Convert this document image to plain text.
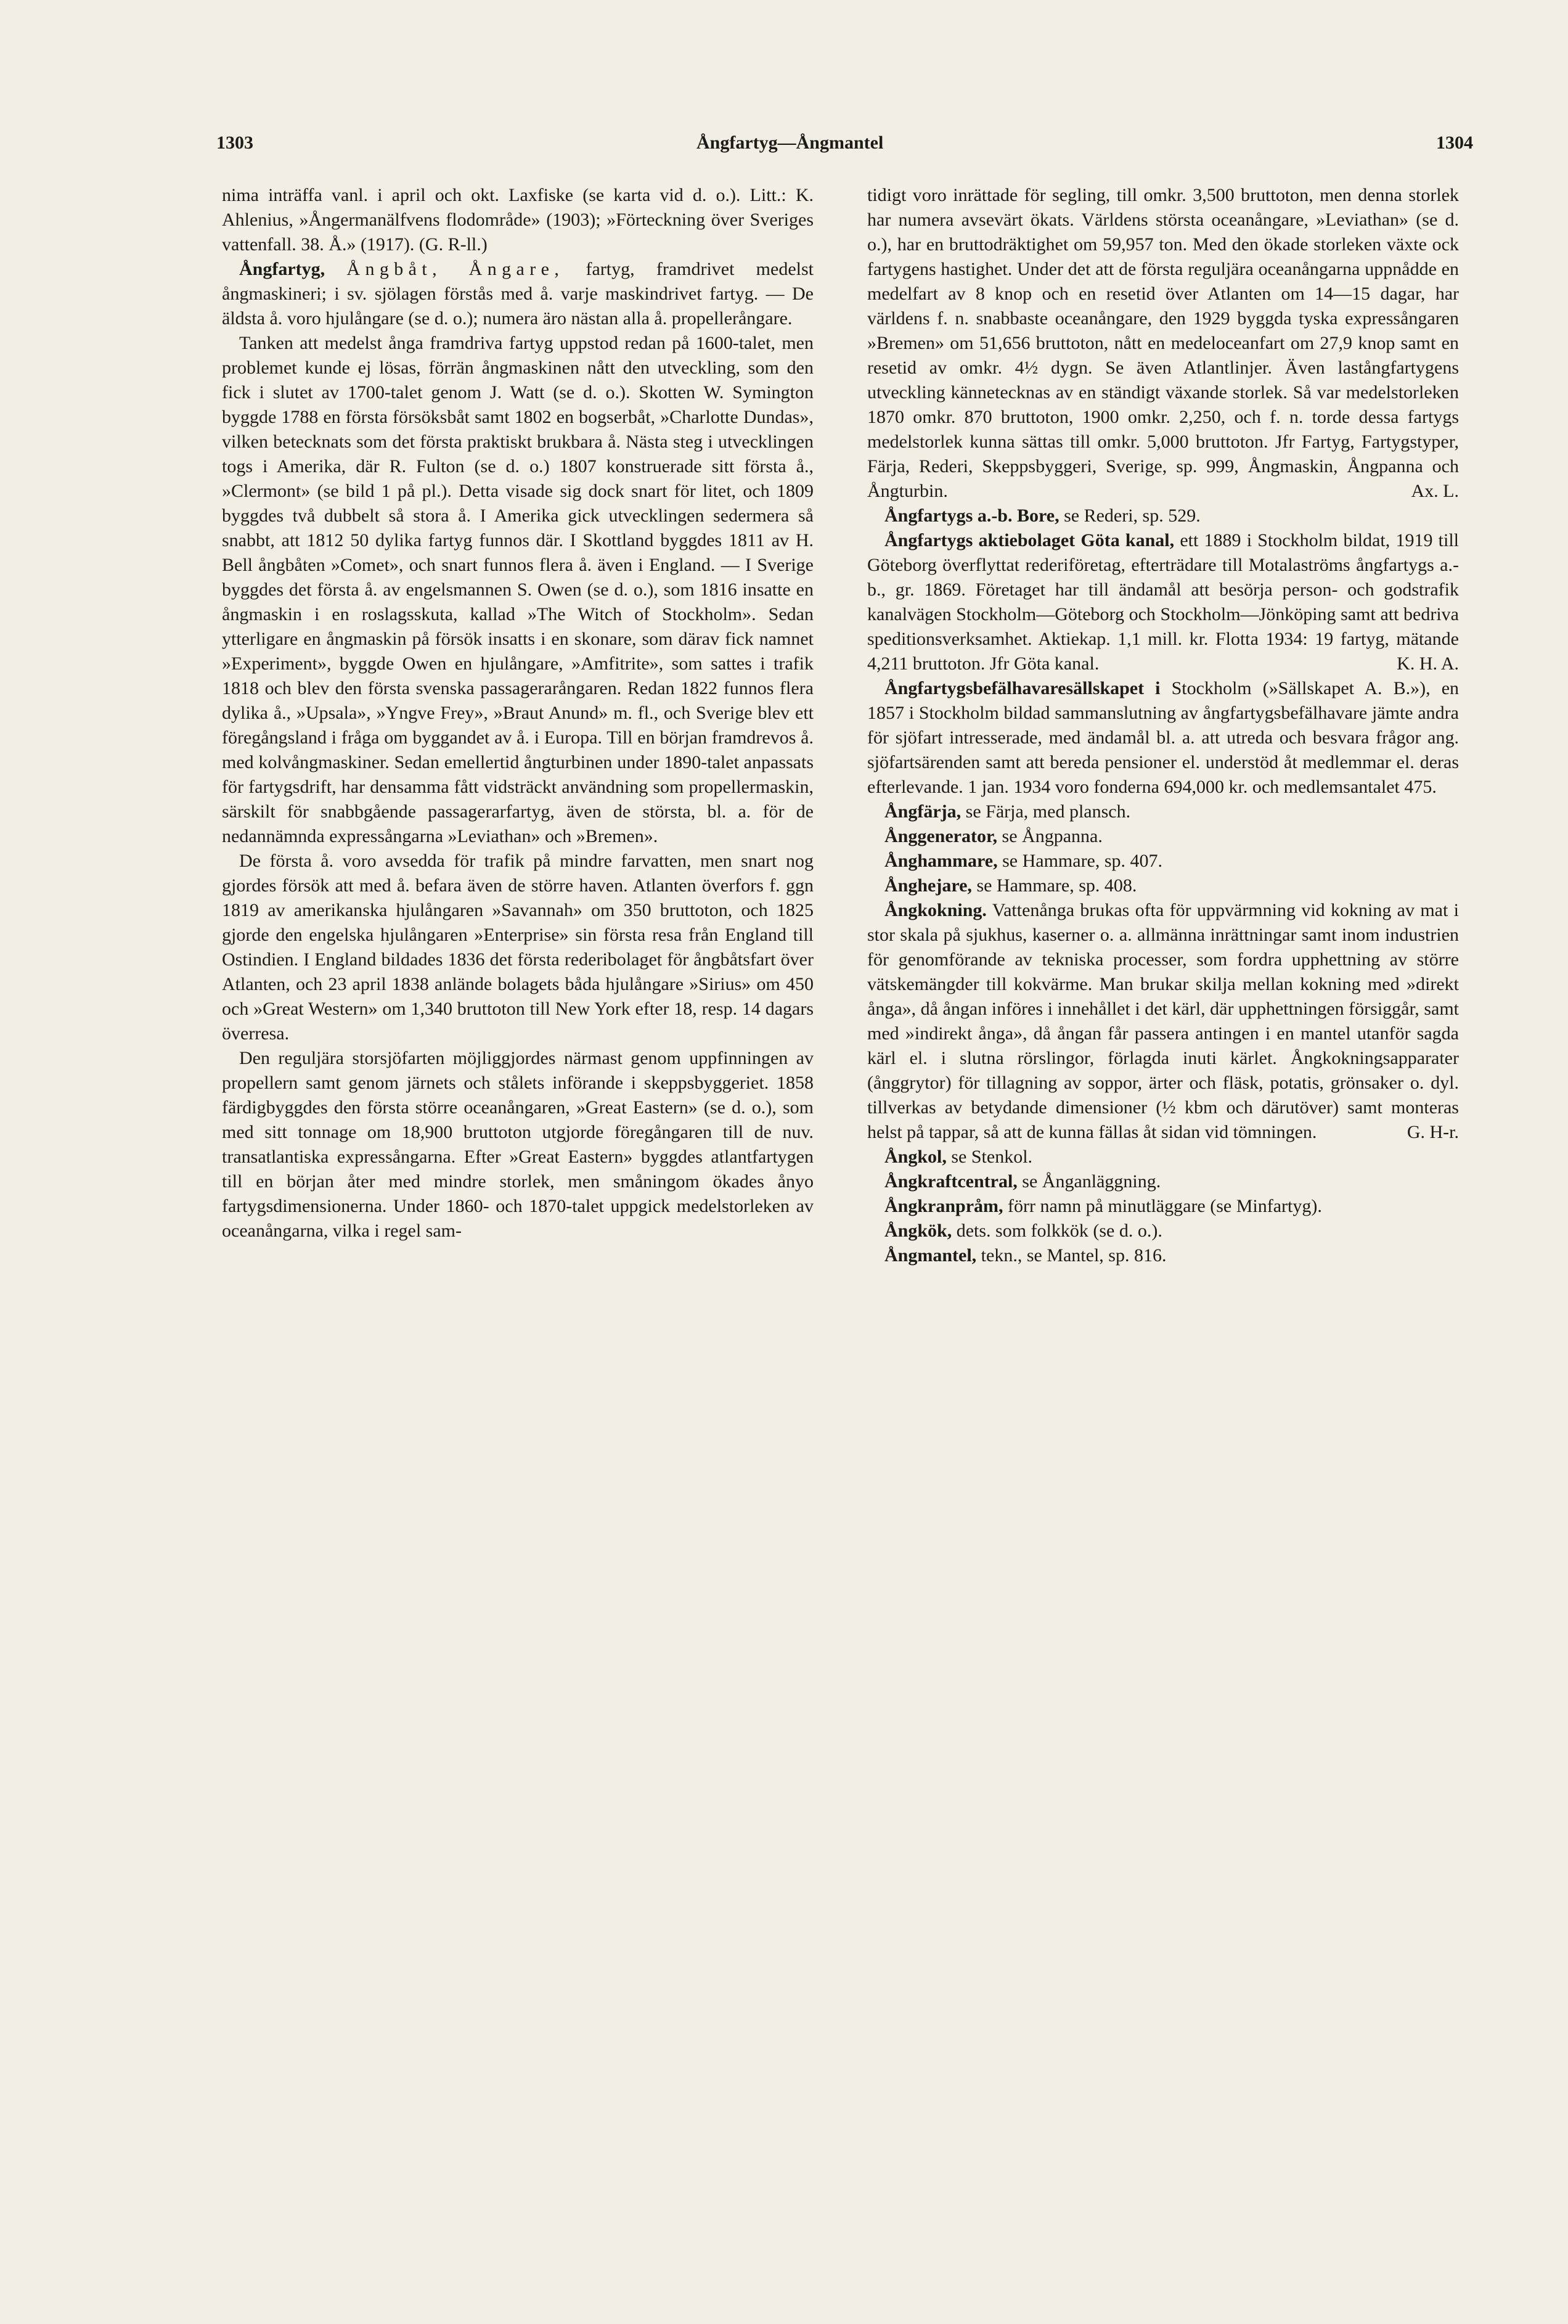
1303	Ångfartyg—Ångmantel	1304
nima inträffa vanl. i april och okt. Laxfiske (se karta vid d. o.). Litt.: K. Ahlenius, »Ångermanälfvens flodområde» (1903); »Förteckning över Sveriges vattenfall. 38. Å.» (1917). (G. R-ll.)
Ångfartyg, Ångbåt, Ångare, fartyg, framdrivet medelst ångmaskineri; i sv. sjölagen förstås med å. varje maskindrivet fartyg. — De äldsta å. voro hjulångare (se d. o.); numera äro nästan alla å. propellerångare.
Tanken att medelst ånga framdriva fartyg uppstod redan på 1600-talet, men problemet kunde ej lösas, förrän ångmaskinen nått den utveckling, som den fick i slutet av 1700-talet genom J. Watt (se d. o.). Skotten W. Symington byggde 1788 en första försöksbåt samt 1802 en bogserbåt, »Charlotte Dundas», vilken betecknats som det första praktiskt brukbara å. Nästa steg i utvecklingen togs i Amerika, där R. Fulton (se d. o.) 1807 konstruerade sitt första å., »Clermont» (se bild 1 på pl.). Detta visade sig dock snart för litet, och 1809 byggdes två dubbelt så stora å. I Amerika gick utvecklingen sedermera så snabbt, att 1812 50 dylika fartyg funnos där. I Skottland byggdes 1811 av H. Bell ångbåten »Comet», och snart funnos flera å. även i England. — I Sverige byggdes det första å. av engelsmannen S. Owen (se d. o.), som 1816 insatte en ångmaskin i en roslagsskuta, kallad »The Witch of Stockholm». Sedan ytterligare en ångmaskin på försök insatts i en skonare, som därav fick namnet »Experiment», byggde Owen en hjulångare, »Amfitrite», som sattes i trafik 1818 och blev den första svenska passagerarångaren. Redan 1822 funnos flera dylika å., »Upsala», »Yngve Frey», »Braut Anund» m. fl., och Sverige blev ett föregångsland i fråga om byggandet av å. i Europa. Till en början framdrevos å. med kolvångmaskiner. Sedan emellertid ångturbinen under 1890-talet anpassats för fartygsdrift, har densamma fått vidsträckt användning som propellermaskin, särskilt för snabbgående passagerarfartyg, även de största, bl. a. för de nedannämnda expressångarna »Leviathan» och »Bremen».
De första å. voro avsedda för trafik på mindre farvatten, men snart nog gjordes försök att med å. befara även de större haven. Atlanten överfors f. ggn 1819 av amerikanska hjulångaren »Savannah» om 350 bruttoton, och 1825 gjorde den engelska hjulångaren »Enterprise» sin första resa från England till Ostindien. I England bildades 1836 det första rederibolaget för ångbåtsfart över Atlanten, och 23 april 1838 anlände bolagets båda hjulångare »Sirius» om 450 och »Great Western» om 1,340 bruttoton till New York efter 18, resp. 14 dagars överresa.
Den reguljära storsjöfarten möjliggjordes närmast genom uppfinningen av propellern samt genom järnets och stålets införande i skeppsbyggeriet. 1858 färdigbyggdes den första större oceanångaren, »Great Eastern» (se d. o.), som med sitt tonnage om 18,900 bruttoton utgjorde föregångaren till de nuv. transatlantiska expressångarna. Efter »Great Eastern» byggdes atlantfartygen till en början åter med mindre storlek, men småningom ökades ånyo fartygsdimensionerna. Under 1860- och 1870-talet uppgick medelstorleken av oceanångarna, vilka i regel sam-
tidigt voro inrättade för segling, till omkr. 3,500 bruttoton, men denna storlek har numera avsevärt ökats. Världens största oceanångare, »Leviathan» (se d. o.), har en bruttodräktighet om 59,957 ton. Med den ökade storleken växte ock fartygens hastighet. Under det att de första reguljära oceanångarna uppnådde en medelfart av 8 knop och en resetid över Atlanten om 14—15 dagar, har världens f. n. snabbaste oceanångare, den 1929 byggda tyska expressångaren »Bremen» om 51,656 bruttoton, nått en medeloceanfart om 27,9 knop samt en resetid av omkr. 4½ dygn. Se även Atlantlinjer. Även lastångfartygens utveckling kännetecknas av en ständigt växande storlek. Så var medelstorleken 1870 omkr. 870 bruttoton, 1900 omkr. 2,250, och f. n. torde dessa fartygs medelstorlek kunna sättas till omkr. 5,000 bruttoton. Jfr Fartyg, Fartygstyper, Färja, Rederi, Skeppsbyggeri, Sverige, sp. 999, Ångmaskin, Ångpanna och Ångturbin.	Ax. L.
Ångfartygs a.-b. Bore, se Rederi, sp. 529.
Ångfartygs aktiebolaget Göta kanal, ett 1889 i Stockholm bildat, 1919 till Göteborg överflyttat rederiföretag, efterträdare till Motalaströms ångfartygs a.-b., gr. 1869. Företaget har till ändamål att besörja person- och godstrafik kanalvägen Stockholm—Göteborg och Stockholm—Jönköping samt att bedriva speditionsverksamhet. Aktiekap. 1,1 mill. kr. Flotta 1934: 19 fartyg, mätande 4,211 bruttoton. Jfr Göta kanal.	K. H. A.
Ångfartygsbefälhavaresällskapet i Stockholm (»Sällskapet A. B.»), en 1857 i Stockholm bildad sammanslutning av ångfartygsbefälhavare jämte andra för sjöfart intresserade, med ändamål bl. a. att utreda och besvara frågor ang. sjöfartsärenden samt att bereda pensioner el. understöd åt medlemmar el. deras efterlevande. 1 jan. 1934 voro fonderna 694,000 kr. och medlemsantalet 475.
Ångfärja, se Färja, med plansch.
Ånggenerator, se Ångpanna.
Ånghammare, se Hammare, sp. 407.
Ånghejare, se Hammare, sp. 408.
Ångkokning. Vattenånga brukas ofta för uppvärmning vid kokning av mat i stor skala på sjukhus, kaserner o. a. allmänna inrättningar samt inom industrien för genomförande av tekniska processer, som fordra upphettning av större vätskemängder till kokvärme. Man brukar skilja mellan kokning med »direkt ånga», då ångan införes i innehållet i det kärl, där upphettningen försiggår, samt med »indirekt ånga», då ångan får passera antingen i en mantel utanför sagda kärl el. i slutna rörslingor, förlagda inuti kärlet. Ångkokningsapparater (ånggrytor) för tillagning av soppor, ärter och fläsk, potatis, grönsaker o. dyl. tillverkas av betydande dimensioner (½ kbm och därutöver) samt monteras helst på tappar, så att de kunna fällas åt sidan vid tömningen.	G. H-r.
Ångkol, se Stenkol.
Ångkraftcentral, se Ånganläggning.
Ångkranpråm, förr namn på minutläggare (se Minfartyg).
Ångkök, dets. som folkkök (se d. o.).
Ångmantel, tekn., se Mantel, sp. 816.
